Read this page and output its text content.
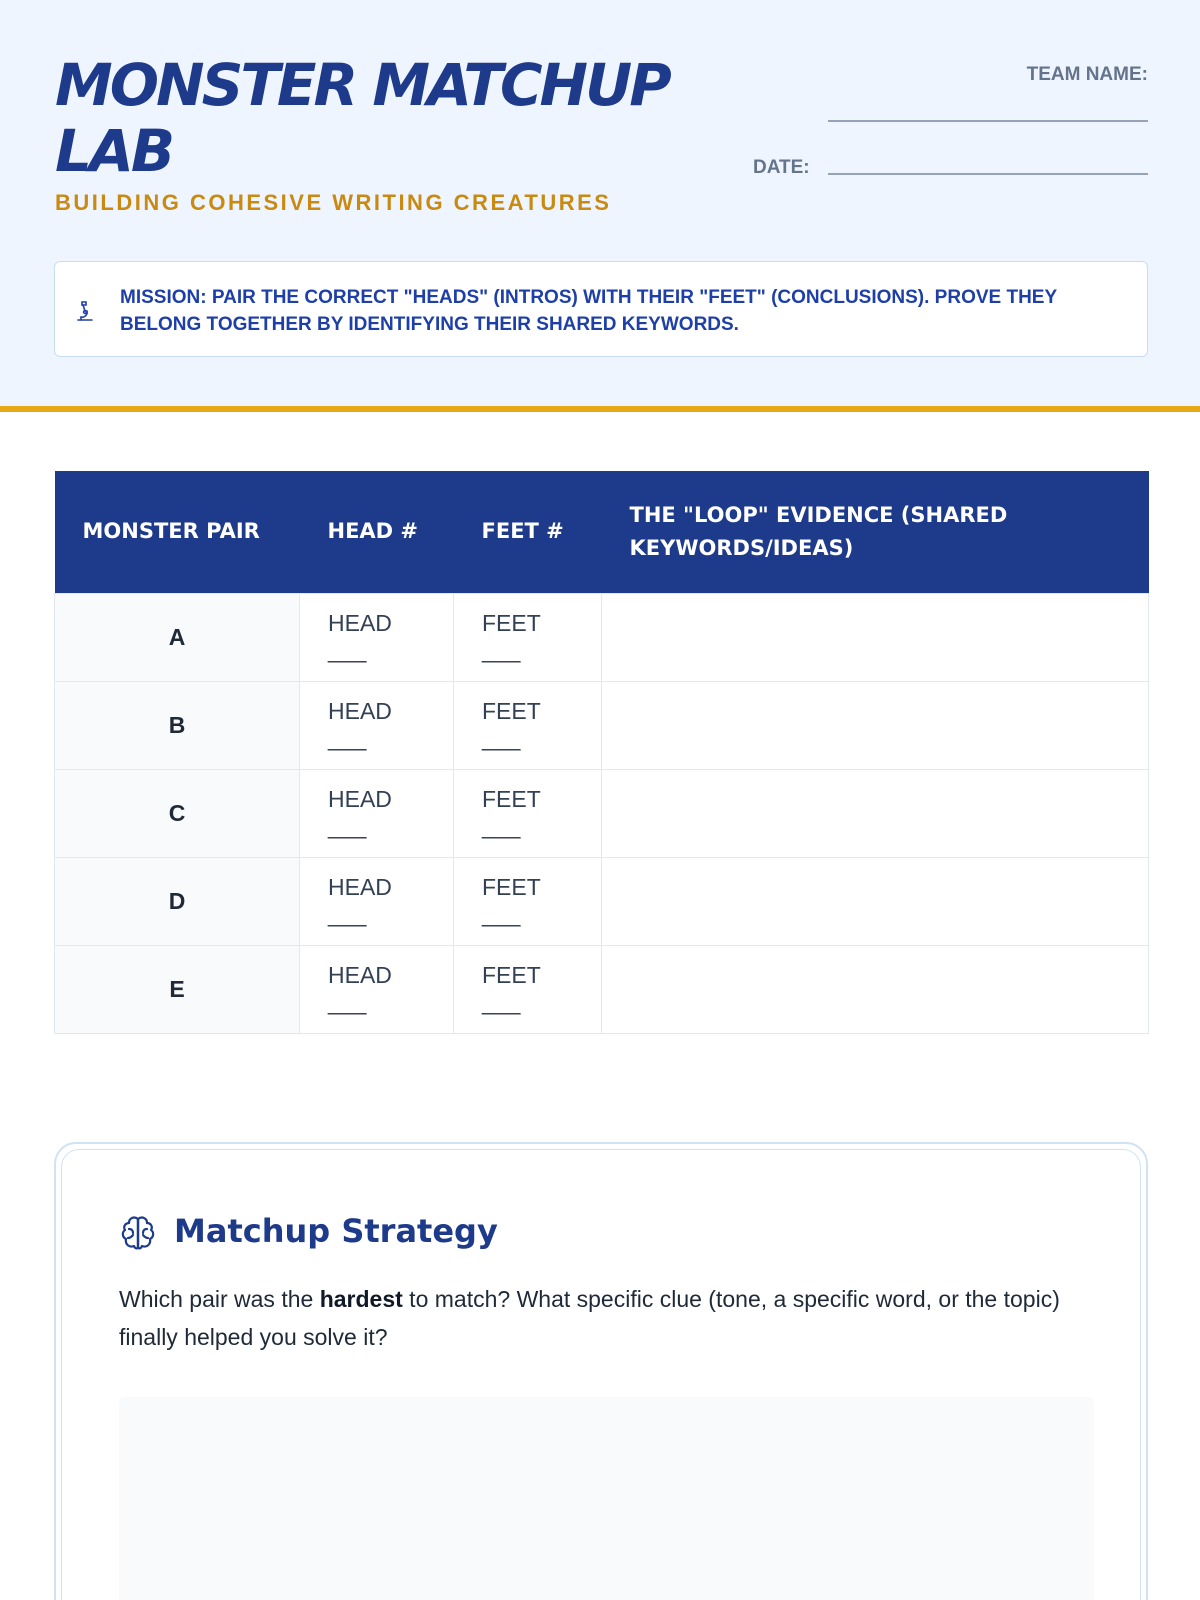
MONSTER MATCHUP LAB
BUILDING COHESIVE WRITING CREATURES
TEAM NAME:
DATE:
MISSION: PAIR THE CORRECT "HEADS" (INTROS) WITH THEIR "FEET" (CONCLUSIONS). PROVE THEY BELONG TOGETHER BY IDENTIFYING THEIR SHARED KEYWORDS.
MONSTER PAIR	HEAD #	FEET #	THE "LOOP" EVIDENCE (SHARED KEYWORDS/IDEAS)
A	HEAD ___	FEET ___	
B	HEAD ___	FEET ___	
C	HEAD ___	FEET ___	
D	HEAD ___	FEET ___	
E	HEAD ___	FEET ___	
Matchup Strategy

Which pair was the hardest to match? What specific clue (tone, a specific word, or the topic) finally helped you solve it?
